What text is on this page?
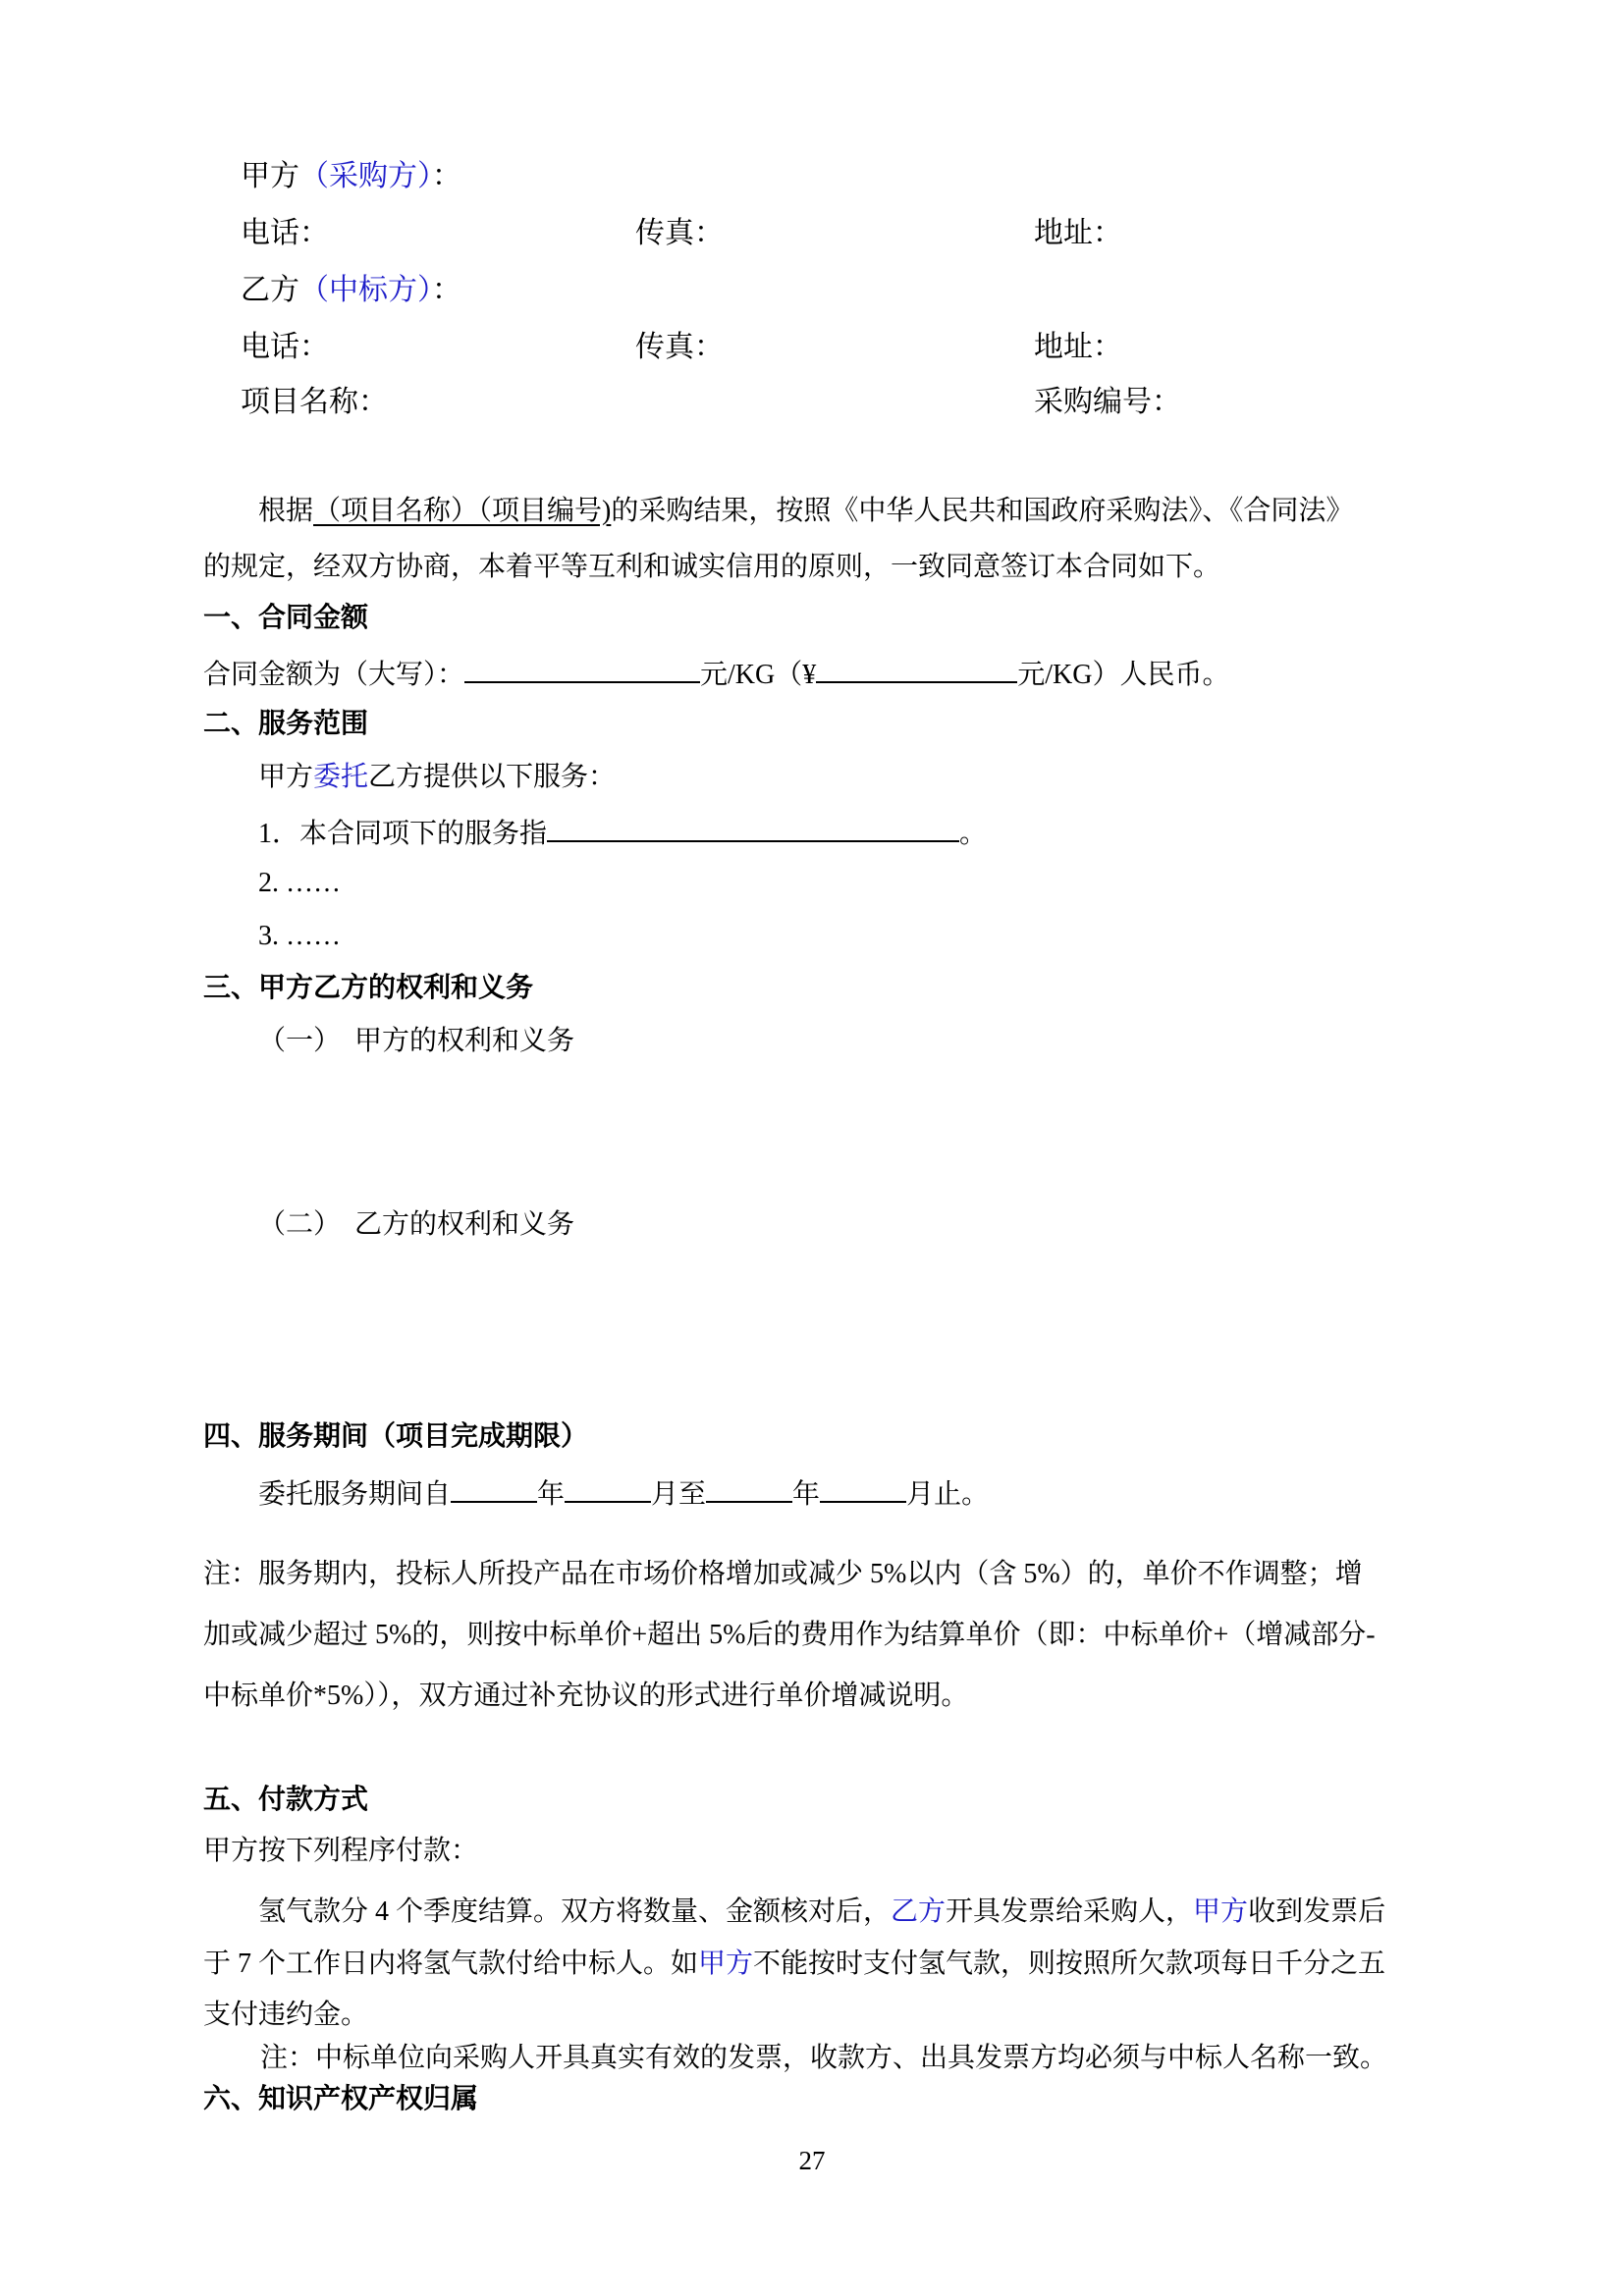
甲方（采购方）：
电话：	传真：	地址：
乙方（中标方）：
电话：	传真：	地址：
项目名称：	采购编号：
根据（项目名称）（项目编号)的采购结果，按照《中华人民共和国政府采购法》、《合同法》
的规定，经双方协商，本着平等互利和诚实信用的原则，一致同意签订本合同如下。
一、合同金额
合同金额为（大写）：	元/KG（¥	元/KG）人民币。
二、服务范围
甲方委托乙方提供以下服务：
1．本合同项下的服务指	。
2. ……
3. ……
三、甲方乙方的权利和义务
（一）　甲方的权利和义务
（二）　乙方的权利和义务
四、服务期间（项目完成期限）
委托服务期间自	年	月至	年	月止。
注：服务期内，投标人所投产品在市场价格增加或减少 5%以内（含 5%）的，单价不作调整；增
加或减少超过 5%的，则按中标单价+超出 5%后的费用作为结算单价（即：中标单价+（增减部分-
中标单价*5%）），双方通过补充协议的形式进行单价增减说明。
五、付款方式
甲方按下列程序付款：
氢气款分 4 个季度结算。双方将数量、金额核对后，乙方开具发票给采购人，甲方收到发票后
于 7 个工作日内将氢气款付给中标人。如甲方不能按时支付氢气款，则按照所欠款项每日千分之五
支付违约金。
注：中标单位向采购人开具真实有效的发票，收款方、出具发票方均必须与中标人名称一致。
六、知识产权产权归属
27
